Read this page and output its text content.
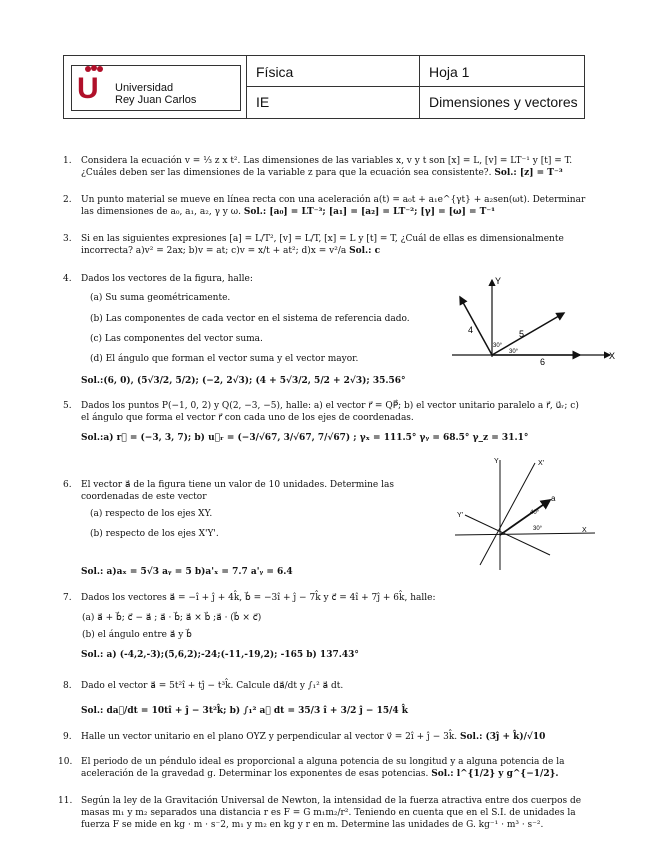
U Universidad
Rey Juan Carlos
Física
IE
Hoja 1
Dimensiones y vectores
1. Considera la ecuación v = ⅓ z x t². Las dimensiones de las variables x, v y t son [x] = L, [v] = LT⁻¹ y [t] = T. ¿Cuáles deben ser las dimensiones de la variable z para que la ecuación sea consistente?. Sol.: [z] = T⁻³
2. Un punto material se mueve en línea recta con una aceleración a(t) = a₀t + a₁e^{γt} + a₂sen(ωt). Determinar las dimensiones de a₀, a₁, a₂, γ y ω. Sol.: [a₀] = LT⁻³; [a₁] = [a₂] = LT⁻²; [γ] = [ω] = T⁻¹
3. Si en las siguientes expresiones [a] = L/T², [v] = L/T, [x] = L y [t] = T, ¿Cuál de ellas es dimensionalmente incorrecta? a)v² = 2ax; b)v = at; c)v = x/t + at²; d)x = v²/a Sol.: c
4. Dados los vectores de la figura, halle:
(a) Su suma geométricamente.
(b) Las componentes de cada vector en el sistema de referencia dado.
(c) Las componentes del vector suma.
(d) El ángulo que forman el vector suma y el vector mayor.
Sol.:(6, 0), (5√3/2, 5/2); (−2, 2√3); (4 + 5√3/2, 5/2 + 2√3); 35.56°
Y
X
4	5
6
30°
30°
5. Dados los puntos P(−1, 0, 2) y Q(2, −3, −5), halle: a) el vector r⃗ = QP⃗; b) el vector unitario paralelo a r⃗, u⃗ᵣ; c) el ángulo que forma el vector r⃗ con cada uno de los ejes de coordenadas.
Sol.:a) r⃗ = (−3, 3, 7); b) u⃗ᵣ = (−3/√67, 3/√67, 7/√67) ; γₓ = 111.5° γᵧ = 68.5° γ_z = 31.1°
6. El vector a⃗ de la figura tiene un valor de 10 unidades. Determine las coordenadas de este vector
(a) respecto de los ejes XY.
(b) respecto de los ejes X'Y'.
Sol.: a)aₓ = 5√3 aᵧ = 5 b)a'ₓ = 7.7 a'ᵧ = 6.4
Y
X
Y'
X'
a
40°
30°
7. Dados los vectores a⃗ = −î + ĵ + 4k̂, b⃗ = −3î + ĵ − 7k̂ y c⃗ = 4î + 7ĵ + 6k̂, halle:
(a) a⃗ + b⃗; c⃗ − a⃗ ; a⃗ · b⃗; a⃗ × b⃗ ;a⃗ · (b⃗ × c⃗)
(b) el ángulo entre a⃗ y b⃗
Sol.: a) (-4,2,-3);(5,6,2);-24;(-11,-19,2); -165 b) 137.43°
8. Dado el vector a⃗ = 5t²î + tĵ − t³k̂. Calcule da⃗/dt y ∫₁² a⃗ dt.
Sol.: da⃗/dt = 10tî + ĵ − 3t²k̂; b) ∫₁² a⃗ dt = 35/3 î + 3/2 ĵ − 15/4 k̂
9. Halle un vector unitario en el plano OYZ y perpendicular al vector v⃗ = 2î + ĵ − 3k̂. Sol.: (3ĵ + k̂)/√10
10. El periodo de un péndulo ideal es proporcional a alguna potencia de su longitud y a alguna potencia de la aceleración de la gravedad g. Determinar los exponentes de esas potencias. Sol.: l^{1/2} y g^{−1/2}.
11. Según la ley de la Gravitación Universal de Newton, la intensidad de la fuerza atractiva entre dos cuerpos de masas m₁ y m₂ separados una distancia r es F = G m₁m₂/r². Teniendo en cuenta que en el S.I. de unidades la fuerza F se mide en kg · m · s⁻2, m₁ y m₂ en kg y r en m. Determine las unidades de G. kg⁻¹ · m³ · s⁻².
